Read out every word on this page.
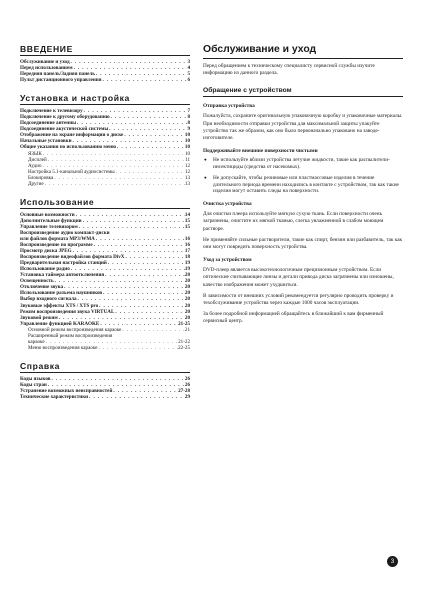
ВВЕДЕНИЕ
Обслуживание и уход . . .	3
Перед использованием . . .	4
Передняя панель/Задняя панель . . .	5
Пульт дистанционного управления . . .	6
Установка и настройка
Подключение к телевизору . . .	7
Подключение к другому оборудованию . . .	8
Подсоединение антенны . . .	8
Подсоединение акустической системы . . .	9
Отображение на экране информации о диске . . .	10
Начальные установки . . .	10
Общие указания по использованию меню . . .	10
ЯЗЫК . . .	10
Дисплей . . .	11
Аудио . . .	12
Настройка 5.1-канальной аудиосистемы . . .	12
Блокировка . . .	13
Другие . . .	13
Использование
Основные возможности . . .	14
Дополнительные функции . . .	15
Управление телевизором . . .	15
Воспроизведение аудио компакт-диски
или файлов формата MP3/WMA . . .	16
Воспроизведение по программе . . .	16
Просмотр диска JPEG . . .	17
Воспроизведение видеофайлов формата DivX . . .	18
Предварительная настройка станций . . .	19
Использование радио . . .	19
Установка таймера автоотключения . . .	20
Освещенность . . .	20
Отключение звука . . .	20
Использование разъема наушников . . .	20
Выбор входного сигнала . . .	20
Звуковые эффекты XTS / XTS pro . . .	20
Режим воспроизведения звука VIRTUAL . . .	20
Звуковой режим . . .	20
Управление функцией KARAOKE . . .	21-25
Основной режим воспроизведения караоке . . .	21
Расширенный режим воспроизведения
караоке . . .	21-22
Меню воспроизведения караоке . . .	22-25
Справка
Коды языков . . .	26
Коды стран . . .	26
Устранение возможных неисправностей . . .	27-28
Технические характеристики . . .	29
Обслуживание и уход
Перед обращением к техническому специалисту сервисной службы изучите информацию из данного раздела.
Обращение с устройством
Отправка устройства
Пожалуйста, сохраните оригинальную упаковочную коробку и упаковочные материалы. При необходимости отправки устройства для максимальной защиты упакуйте устройство так же образом, как оно было первоначально упаковано на заводе-изготовителе.
Поддерживайте внешние поверхности чистыми
● Не используйте вблизи устройства летучие жидкости, такие как распылители-инсектициды (средства от насекомых).
● Не допускайте, чтобы резиновые или пластмассовые изделия в течение длительного периода времени находились в контакте с устройством, так как такие изделия могут оставить следы на поверхности.
Очистка устройства
Для очистки плеера используйте мягкую сухую ткань. Если поверхности очень загрязнены, очистите их мягкой тканью, слегка увлажненной в слабом моющем растворе.
Не применяйте сильные растворители, такие как спирт, бензин или разбавитель, так как они могут повредить поверхность устройства.
Уход за устройством
DVD-плеер является высокотехнологичным прецизионным устройством. Если оптические считывающие линзы и детали привода диска загрязнены или изношены, качество изображения может ухудшиться.
В зависимости от внешних условий рекомендуется регулярно проводить проверку и техобслуживание устройства через каждые 1000 часов эксплуатации.
За более подробной информацией обращайтесь в ближайший к вам фирменный сервисный центр.
3
